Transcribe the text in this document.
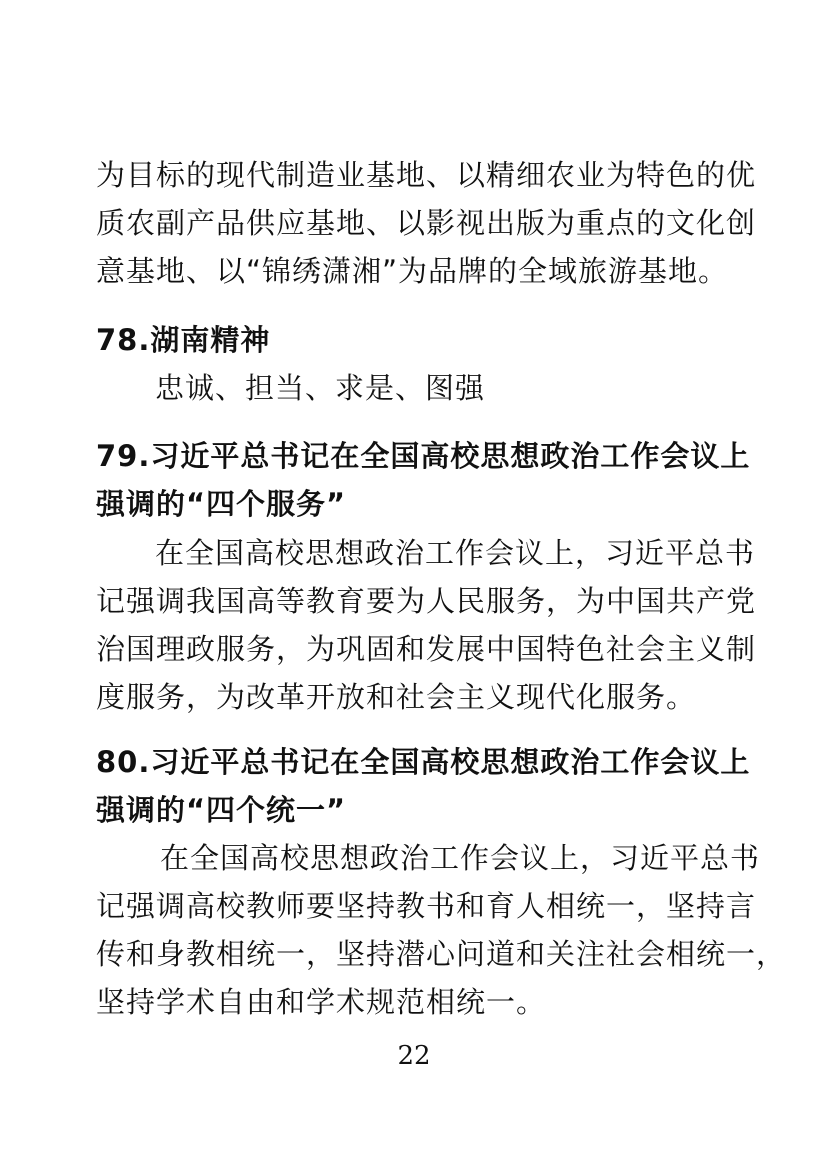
为目标的现代制造业基地、以精细农业为特色的优
质农副产品供应基地、以影视出版为重点的文化创
意基地、以“锦绣潇湘”为品牌的全域旅游基地。
78.湖南精神
　忠诚、担当、求是、图强
79.习近平总书记在全国高校思想政治工作会议上
强调的“四个服务”
　在全国高校思想政治工作会议上，习近平总书
记强调我国高等教育要为人民服务，为中国共产党
治国理政服务，为巩固和发展中国特色社会主义制
度服务，为改革开放和社会主义现代化服务。
80.习近平总书记在全国高校思想政治工作会议上
强调的“四个统一”
　在全国高校思想政治工作会议上，习近平总书
记强调高校教师要坚持教书和育人相统一，坚持言
传和身教相统一，坚持潜心问道和关注社会相统一，
坚持学术自由和学术规范相统一。
22
